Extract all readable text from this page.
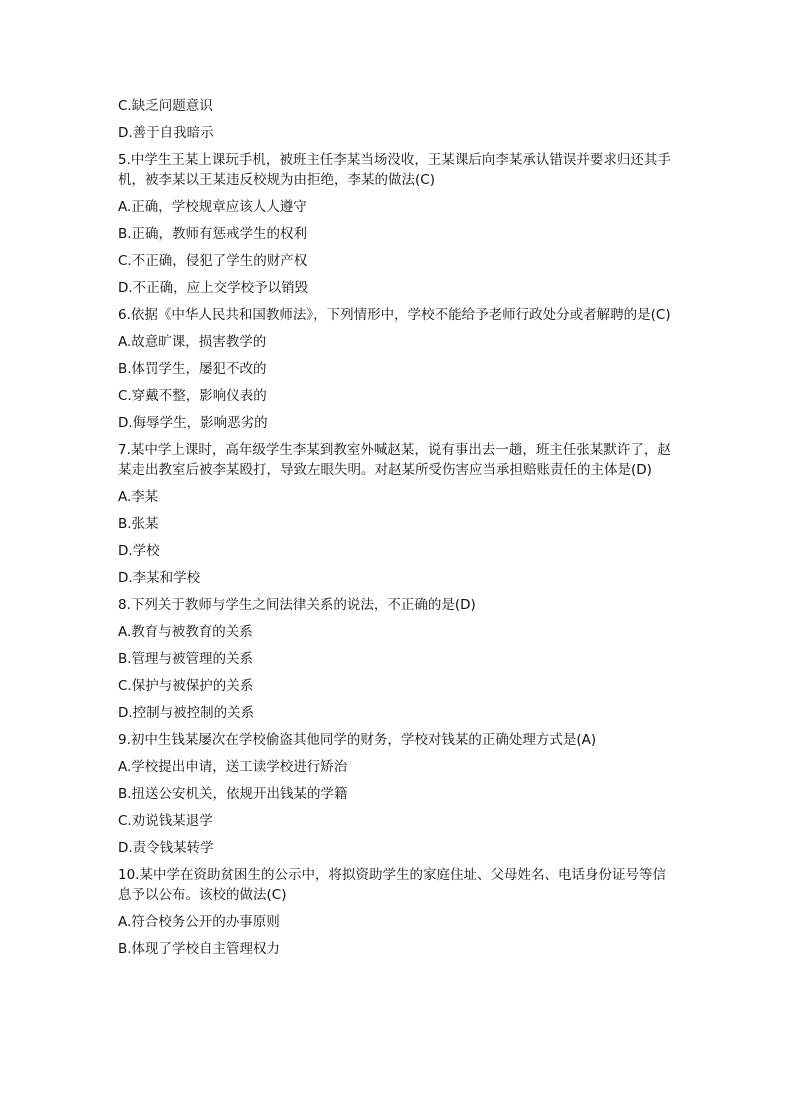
C.缺乏问题意识

D.善于自我暗示

5.中学生王某上课玩手机，被班主任李某当场没收，王某课后向李某承认错误并要求归还其手机，被李某以王某违反校规为由拒绝，李某的做法(C)

A.正确，学校规章应该人人遵守

B.正确，教师有惩戒学生的权利

C.不正确，侵犯了学生的财产权

D.不正确，应上交学校予以销毁

6.依据《中华人民共和国教师法》，下列情形中，学校不能给予老师行政处分或者解聘的是(C)

A.故意旷课，损害教学的

B.体罚学生，屡犯不改的

C.穿戴不整，影响仪表的

D.侮辱学生，影响恶劣的

7.某中学上课时，高年级学生李某到教室外喊赵某，说有事出去一趟，班主任张某默许了，赵某走出教室后被李某殴打，导致左眼失明。对赵某所受伤害应当承担赔账责任的主体是(D)

A.李某

B.张某

D.学校

D.李某和学校

8.下列关于教师与学生之间法律关系的说法，不正确的是(D)

A.教育与被教育的关系

B.管理与被管理的关系

C.保护与被保护的关系

D.控制与被控制的关系

9.初中生钱某屡次在学校偷盗其他同学的财务，学校对钱某的正确处理方式是(A)

A.学校提出申请，送工读学校进行矫治

B.扭送公安机关，依规开出钱某的学籍

C.劝说钱某退学

D.责令钱某转学

10.某中学在资助贫困生的公示中，将拟资助学生的家庭住址、父母姓名、电话身份证号等信息予以公布。该校的做法(C)

A.符合校务公开的办事原则

B.体现了学校自主管理权力
